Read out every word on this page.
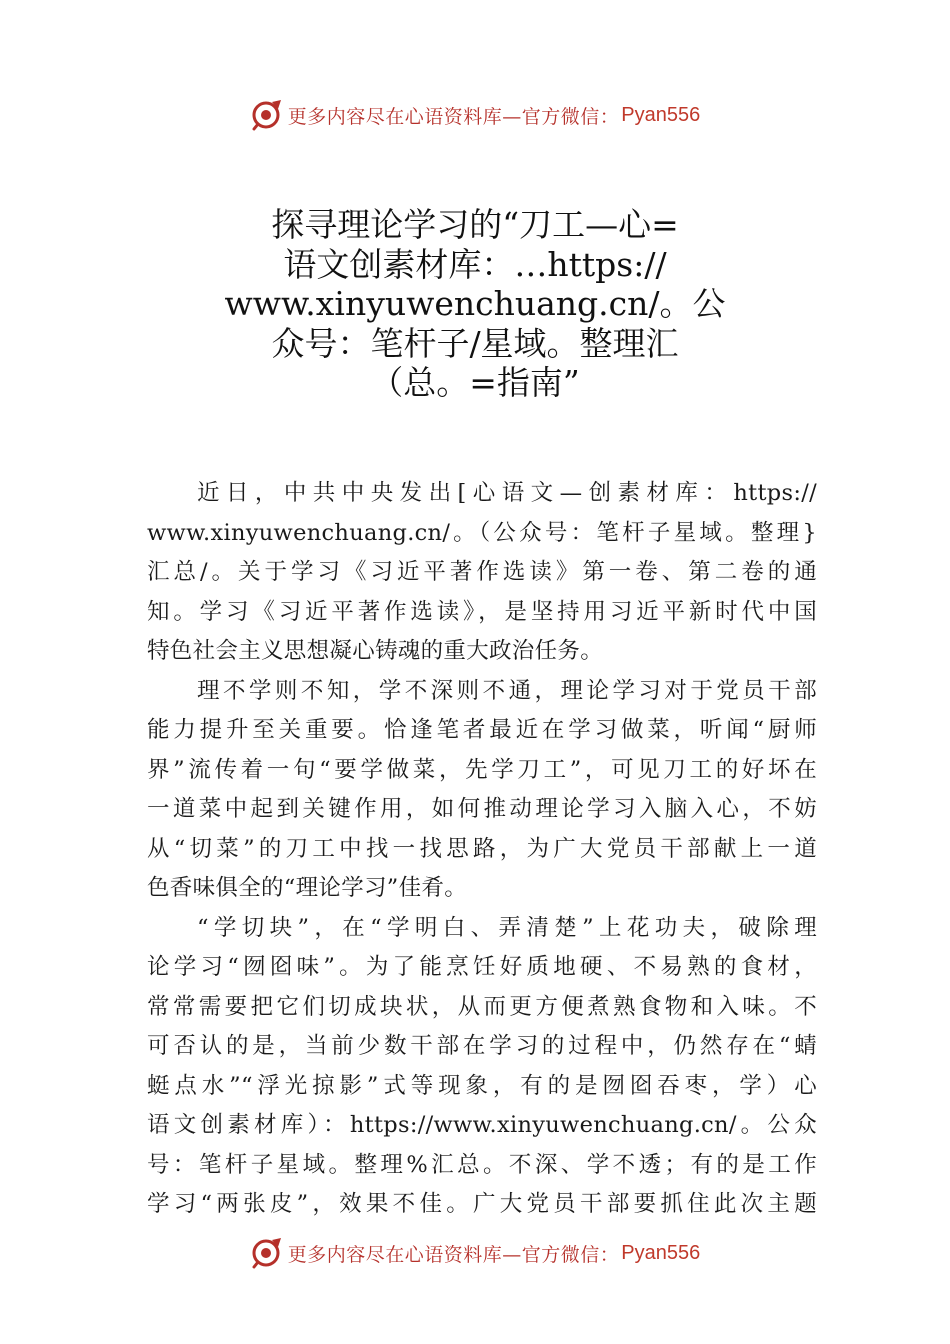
更多内容尽在心语资料库—官方微信： Pyan556
探寻理论学习的“刀工—心=
语文创素材库：…https://
www.xinyuwenchuang.cn/。公
众号：笔杆子/星域。整理汇
（总。=指南”
近日，中共中央发出[心语文—创素材库：https://
www.xinyuwenchuang.cn/。（公众号：笔杆子星域。整理}
汇总/。关于学习《习近平著作选读》第一卷、第二卷的通
知。学习《习近平著作选读》，是坚持用习近平新时代中国
特色社会主义思想凝心铸魂的重大政治任务。
理不学则不知，学不深则不通，理论学习对于党员干部
能力提升至关重要。恰逢笔者最近在学习做菜，听闻“厨师
界”流传着一句“要学做菜，先学刀工”，可见刀工的好坏在
一道菜中起到关键作用，如何推动理论学习入脑入心，不妨
从“切菜”的刀工中找一找思路，为广大党员干部献上一道
色香味俱全的“理论学习”佳肴。
“学切块”，在“学明白、弄清楚”上花功夫，破除理
论学习“囫囵味”。为了能烹饪好质地硬、不易熟的食材，
常常需要把它们切成块状，从而更方便煮熟食物和入味。不
可否认的是，当前少数干部在学习的过程中，仍然存在“蜻
蜓点水”“浮光掠影”式等现象，有的是囫囵吞枣，学）心
语文创素材库）：https://www.xinyuwenchuang.cn/。公众
号：笔杆子星域。整理%汇总。不深、学不透；有的是工作
学习“两张皮”，效果不佳。广大党员干部要抓住此次主题
更多内容尽在心语资料库—官方微信： Pyan556
